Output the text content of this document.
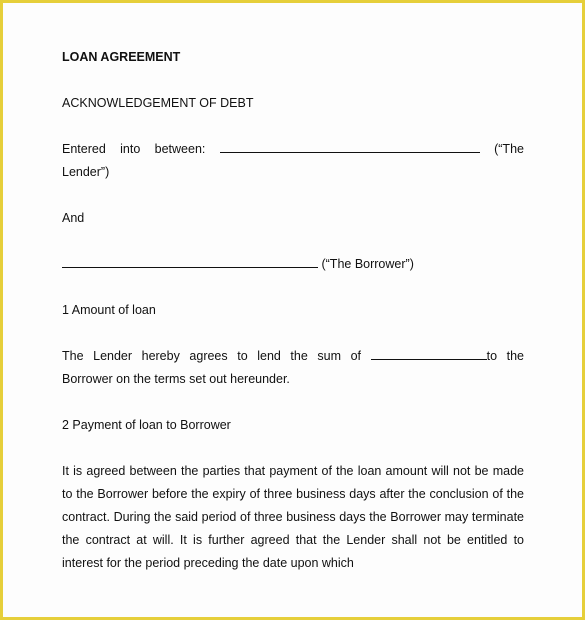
LOAN AGREEMENT

ACKNOWLEDGEMENT OF DEBT

Entered into between:	(“The

Lender”)

And

(“The Borrower”)

1 Amount of loan

The Lender hereby agrees to lend the sum of	to the

Borrower on the terms set out hereunder.

2 Payment of loan to Borrower

It is agreed between the parties that payment of the loan amount will not be made to the Borrower before the expiry of three business days after the conclusion of the contract. During the said period of three business days the Borrower may terminate the contract at will. It is further agreed that the Lender shall not be entitled to interest for the period preceding the date upon which
